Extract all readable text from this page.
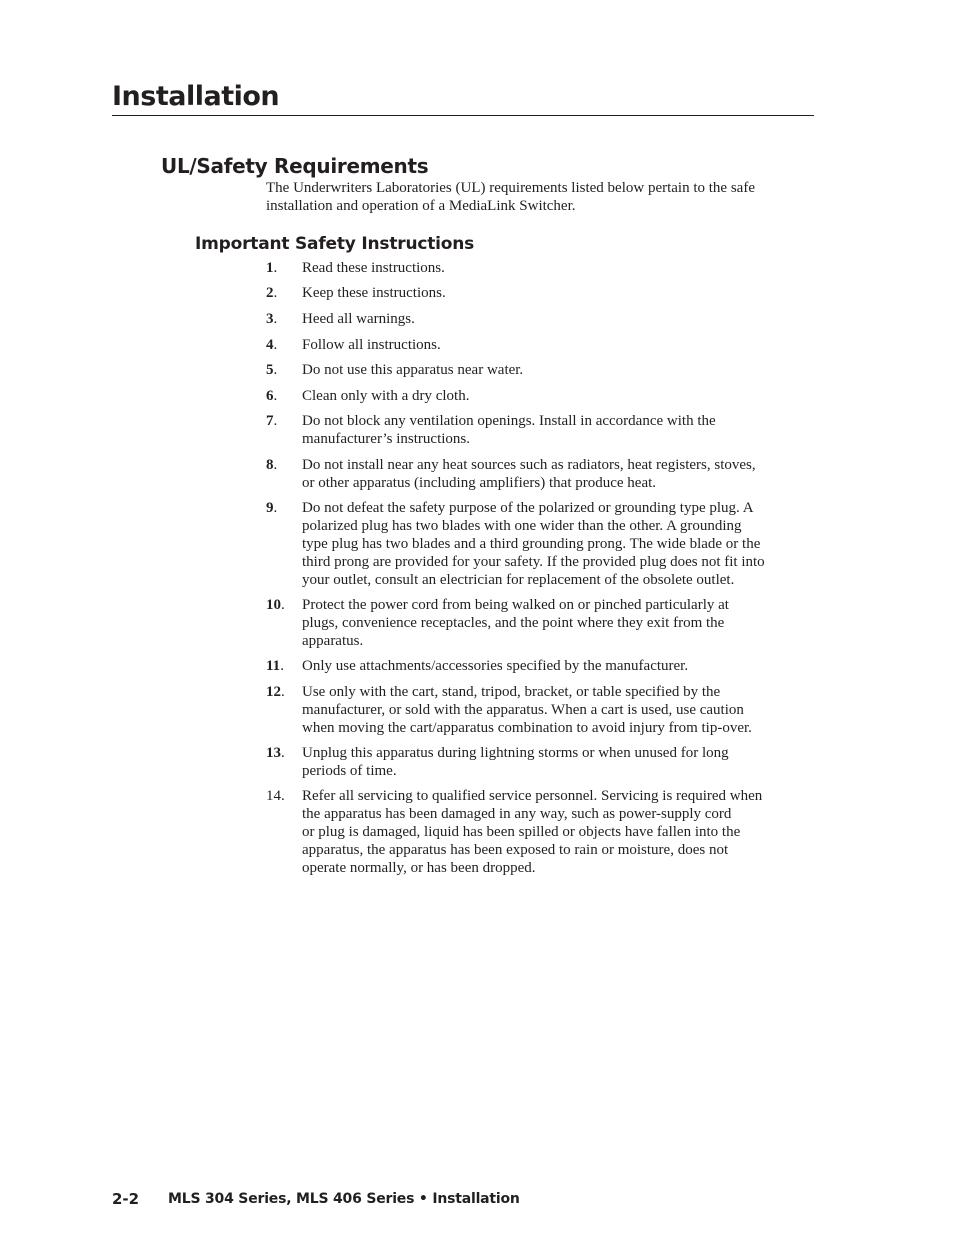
Installation
UL/Safety Requirements

The Underwriters Laboratories (UL) requirements listed below pertain to the safe
installation and operation of a MediaLink Switcher.

Important Safety Instructions
1. Read these instructions.
2. Keep these instructions.
3. Heed all warnings.
4. Follow all instructions.
5. Do not use this apparatus near water.
6. Clean only with a dry cloth.
7. Do not block any ventilation openings. Install in accordance with the
manufacturer’s instructions.
8. Do not install near any heat sources such as radiators, heat registers, stoves,
or other apparatus (including amplifiers) that produce heat.
9. Do not defeat the safety purpose of the polarized or grounding type plug. A
polarized plug has two blades with one wider than the other. A grounding
type plug has two blades and a third grounding prong. The wide blade or the
third prong are provided for your safety. If the provided plug does not fit into
your outlet, consult an electrician for replacement of the obsolete outlet.
10. Protect the power cord from being walked on or pinched particularly at
plugs, convenience receptacles, and the point where they exit from the
apparatus.
11. Only use attachments/accessories specified by the manufacturer.
12. Use only with the cart, stand, tripod, bracket, or table specified by the
manufacturer, or sold with the apparatus. When a cart is used, use caution
when moving the cart/apparatus combination to avoid injury from tip-over.
13. Unplug this apparatus during lightning storms or when unused for long
periods of time.
14. Refer all servicing to qualified service personnel. Servicing is required when
the apparatus has been damaged in any way, such as power-supply cord
or plug is damaged, liquid has been spilled or objects have fallen into the
apparatus, the apparatus has been exposed to rain or moisture, does not
operate normally, or has been dropped.
2-2 MLS 304 Series, MLS 406 Series • Installation
